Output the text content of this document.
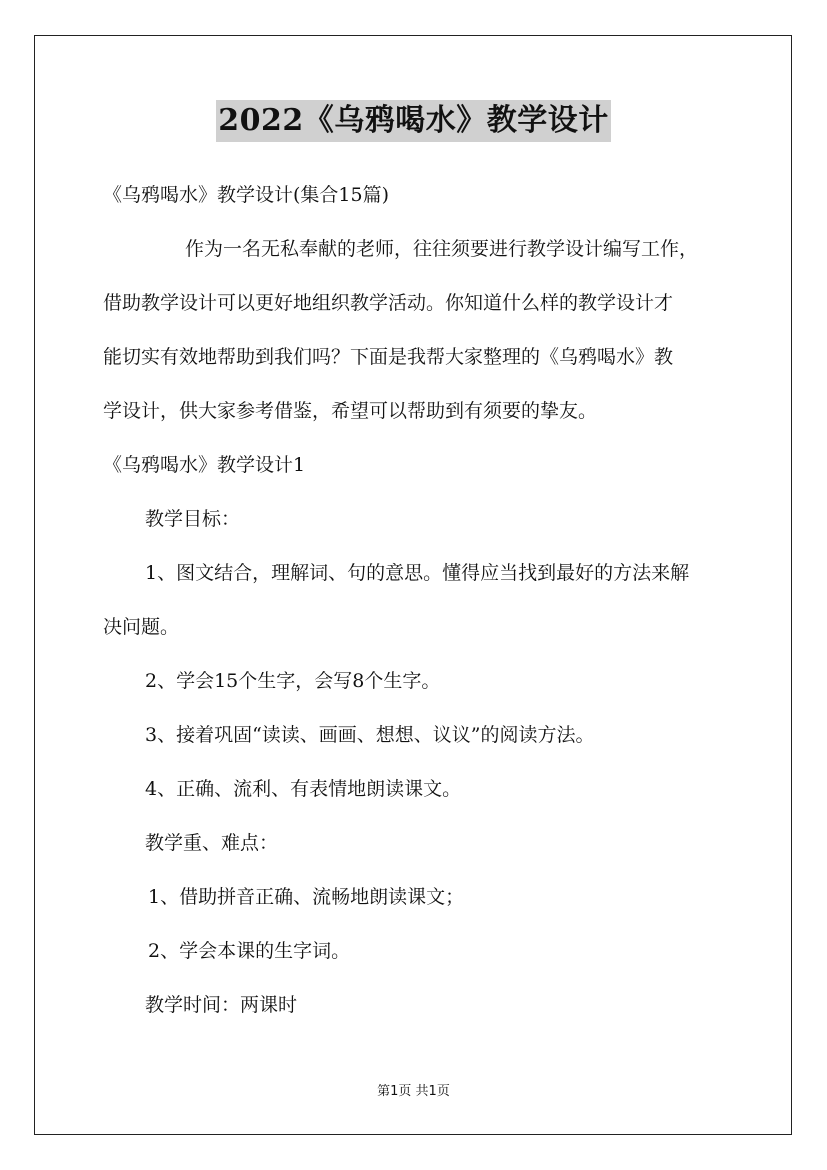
2022《乌鸦喝水》教学设计
《乌鸦喝水》教学设计(集合15篇)
作为一名无私奉献的老师，往往须要进行教学设计编写工作，
借助教学设计可以更好地组织教学活动。你知道什么样的教学设计才
能切实有效地帮助到我们吗？下面是我帮大家整理的《乌鸦喝水》教
学设计，供大家参考借鉴，希望可以帮助到有须要的挚友。
《乌鸦喝水》教学设计1
教学目标：
1、图文结合，理解词、句的意思。懂得应当找到最好的方法来解
决问题。
2、学会15个生字，会写8个生字。
3、接着巩固“读读、画画、想想、议议”的阅读方法。
4、正确、流利、有表情地朗读课文。
教学重、难点：
1、借助拼音正确、流畅地朗读课文；
2、学会本课的生字词。
教学时间：两课时
第1页 共1页
